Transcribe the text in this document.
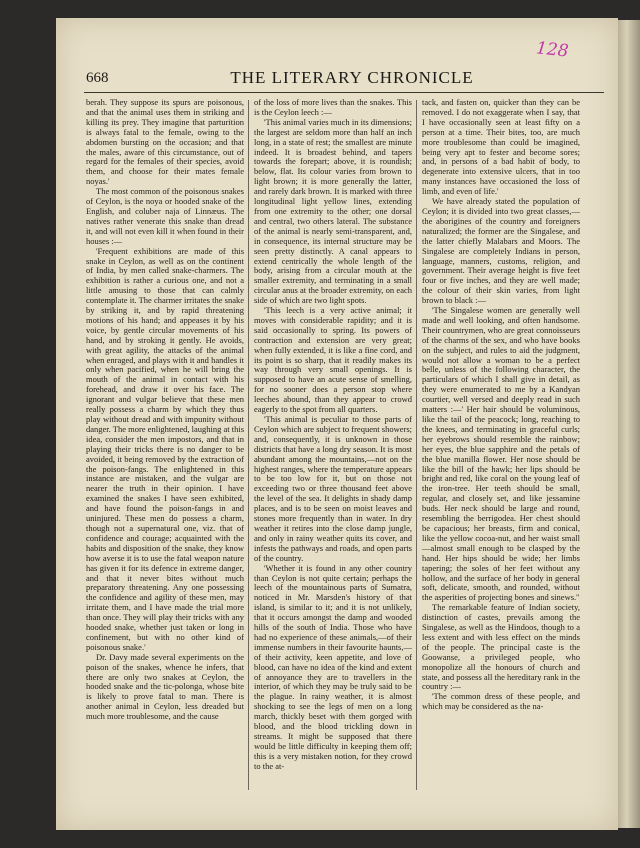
668	THE LITERARY CHRONICLE
128

berah. They suppose its spurs are poisonous, and that the animal uses them in striking and killing its prey. They imagine that parturition is always fatal to the female, owing to the abdomen bursting on the occasion; and that the males, aware of this circumstance, out of regard for the females of their species, avoid them, and choose for their mates female noyas.'

The most common of the poisonous snakes of Ceylon, is the noya or hooded snake of the English, and coluber naja of Linnæus. The natives rather venerate this snake than dread it, and will not even kill it when found in their houses :—

'Frequent exhibitions are made of this snake in Ceylon, as well as on the continent of India, by men called snake-charmers. The exhibition is rather a curious one, and not a little amusing to those that can calmly contemplate it. The charmer irritates the snake by striking it, and by rapid threatening motions of his hand; and appeases it by his voice, by gentle circular movements of his hand, and by stroking it gently. He avoids, with great agility, the attacks of the animal when enraged, and plays with it and handles it only when pacified, when he will bring the mouth of the animal in contact with his forehead, and draw it over his face. The ignorant and vulgar believe that these men really possess a charm by which they thus play without dread and with impunity without danger. The more enlightened, laughing at this idea, consider the men impostors, and that in playing their tricks there is no danger to be avoided, it being removed by the extraction of the poison-fangs. The enlightened in this instance are mistaken, and the vulgar are nearer the truth in their opinion. I have examined the snakes I have seen exhibited, and have found the poison-fangs in and uninjured. These men do possess a charm, though not a supernatural one, viz. that of confidence and courage; acquainted with the habits and disposition of the snake, they know how averse it is to use the fatal weapon nature has given it for its defence in extreme danger, and that it never bites without much preparatory threatening. Any one possessing the confidence and agility of these men, may irritate them, and I have made the trial more than once. They will play their tricks with any hooded snake, whether just taken or long in confinement, but with no other kind of poisonous snake.'

Dr. Davy made several experiments on the poison of the snakes, whence he infers, that there are only two snakes at Ceylon, the hooded snake and the tic-polonga, whose bite is likely to prove fatal to man. There is another animal in Ceylon, less dreaded but much more troublesome, and the cause

of the loss of more lives than the snakes. This is the Ceylon leech :—

'This animal varies much in its dimensions; the largest are seldom more than half an inch long, in a state of rest; the smallest are minute indeed. It is broadest behind, and tapers towards the forepart; above, it is roundish; below, flat. Its colour varies from brown to light brown; it is more generally the latter, and rarely dark brown. It is marked with three longitudinal light yellow lines, extending from one extremity to the other; one dorsal and central, two others lateral. The substance of the animal is nearly semi-transparent, and, in consequence, its internal structure may be seen pretty distinctly. A canal appears to extend centrically the whole length of the body, arising from a circular mouth at the smaller extremity, and terminating in a small circular anus at the broader extremity, on each side of which are two light spots.

'This leech is a very active animal; it moves with considerable rapidity; and it is said occasionally to spring. Its powers of contraction and extension are very great; when fully extended, it is like a fine cord, and its point is so sharp, that it readily makes its way through very small openings. It is supposed to have an acute sense of smelling, for no sooner does a person stop where leeches abound, than they appear to crowd eagerly to the spot from all quarters.

'This animal is peculiar to those parts of Ceylon which are subject to frequent showers; and, consequently, it is unknown in those districts that have a long dry season. It is most abundant among the mountains,—not on the highest ranges, where the temperature appears to be too low for it, but on those not exceeding two or three thousand feet above the level of the sea. It delights in shady damp places, and is to be seen on moist leaves and stones more frequently than in water. In dry weather it retires into the close damp jungle, and only in rainy weather quits its cover, and infests the pathways and roads, and open parts of the country.

'Whether it is found in any other country than Ceylon is not quite certain; perhaps the leech of the mountainous parts of Sumatra, noticed in Mr. Marsden's history of that island, is similar to it; and it is not unlikely, that it occurs amongst the damp and wooded hills of the south of India. Those who have had no experience of these animals,—of their immense numbers in their favourite haunts,—of their activity, keen appetite, and love of blood, can have no idea of the kind and extent of annoyance they are to travellers in the interior, of which they may be truly said to be the plague. In rainy weather, it is almost shocking to see the legs of men on a long march, thickly beset with them gorged with blood, and the blood trickling down in streams. It might be supposed that there would be little difficulty in keeping them off; this is a very mistaken notion, for they crowd to the at-

tack, and fasten on, quicker than they can be removed. I do not exaggerate when I say, that I have occasionally seen at least fifty on a person at a time. Their bites, too, are much more troublesome than could be imagined, being very apt to fester and become sores; and, in persons of a bad habit of body, to degenerate into extensive ulcers, that in too many instances have occasioned the loss of limb, and even of life.'

We have already stated the population of Ceylon; it is divided into two great classes,—the aborigines of the country and foreigners naturalized; the former are the Singalese, and the latter chiefly Malabars and Moors. The Singalese are completely Indians in person, language, manners, customs, religion, and government. Their average height is five feet four or five inches, and they are well made; the colour of their skin varies, from light brown to black :—

'The Singalese women are generally well made and well looking, and often handsome. Their countrymen, who are great connoisseurs of the charms of the sex, and who have books on the subject, and rules to aid the judgment, would not allow a woman to be a perfect belle, unless of the following character, the particulars of which I shall give in detail, as they were enumerated to me by a Kandyan courtier, well versed and deeply read in such matters :—' Her hair should be voluminous, like the tail of the peacock; long, reaching to the knees, and terminating in graceful curls; her eyebrows should resemble the rainbow; her eyes, the blue sapphire and the petals of the blue manilla flower. Her nose should be like the bill of the hawk; her lips should be bright and red, like coral on the young leaf of the iron-tree. Her teeth should be small, regular, and closely set, and like jessamine buds. Her neck should be large and round, resembling the berrigodea. Her chest should be capacious; her breasts, firm and conical, like the yellow cocoa-nut, and her waist small—almost small enough to be clasped by the hand. Her hips should be wide; her limbs tapering; the soles of her feet without any hollow, and the surface of her body in general soft, delicate, smooth, and rounded, without the asperities of projecting bones and sinews.''

The remarkable feature of Indian society, distinction of castes, prevails among the Singalese, as well as the Hindoos, though to a less extent and with less effect on the minds of the people. The principal caste is the Goowanse, a privileged people, who monopolize all the honours of church and state, and possess all the hereditary rank in the country :—

'The common dress of these people, and which may be considered as the na-
